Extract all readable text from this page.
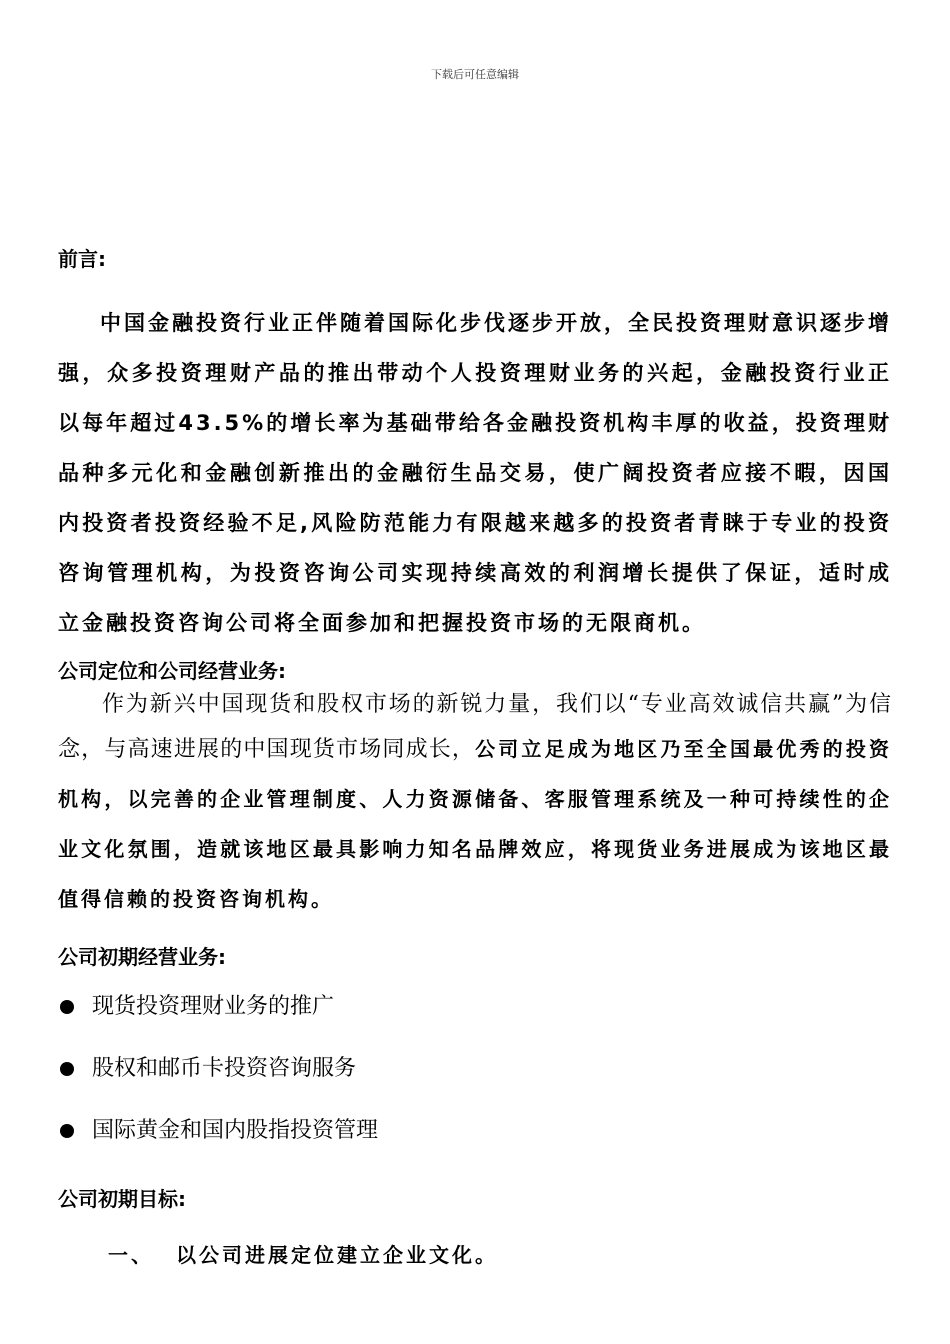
下载后可任意编辑

前言:

中国金融投资行业正伴随着国际化步伐逐步开放，全民投资理财意识逐步增强，众多投资理财产品的推出带动个人投资理财业务的兴起，金融投资行业正以每年超过43.5%的增长率为基础带给各金融投资机构丰厚的收益，投资理财品种多元化和金融创新推出的金融衍生品交易，使广阔投资者应接不暇，因国内投资者投资经验不足,风险防范能力有限越来越多的投资者青睐于专业的投资咨询管理机构，为投资咨询公司实现持续高效的利润增长提供了保证，适时成立金融投资咨询公司将全面参加和把握投资市场的无限商机。

公司定位和公司经营业务:

作为新兴中国现货和股权市场的新锐力量，我们以“专业高效诚信共赢”为信念，与高速进展的中国现货市场同成长，公司立足成为地区乃至全国最优秀的投资机构，以完善的企业管理制度、人力资源储备、客服管理系统及一种可持续性的企业文化氛围，造就该地区最具影响力知名品牌效应，将现货业务进展成为该地区最值得信赖的投资咨询机构。

公司初期经营业务:

现货投资理财业务的推广
股权和邮币卡投资咨询服务
国际黄金和国内股指投资管理

公司初期目标:

一、 以公司进展定位建立企业文化。
